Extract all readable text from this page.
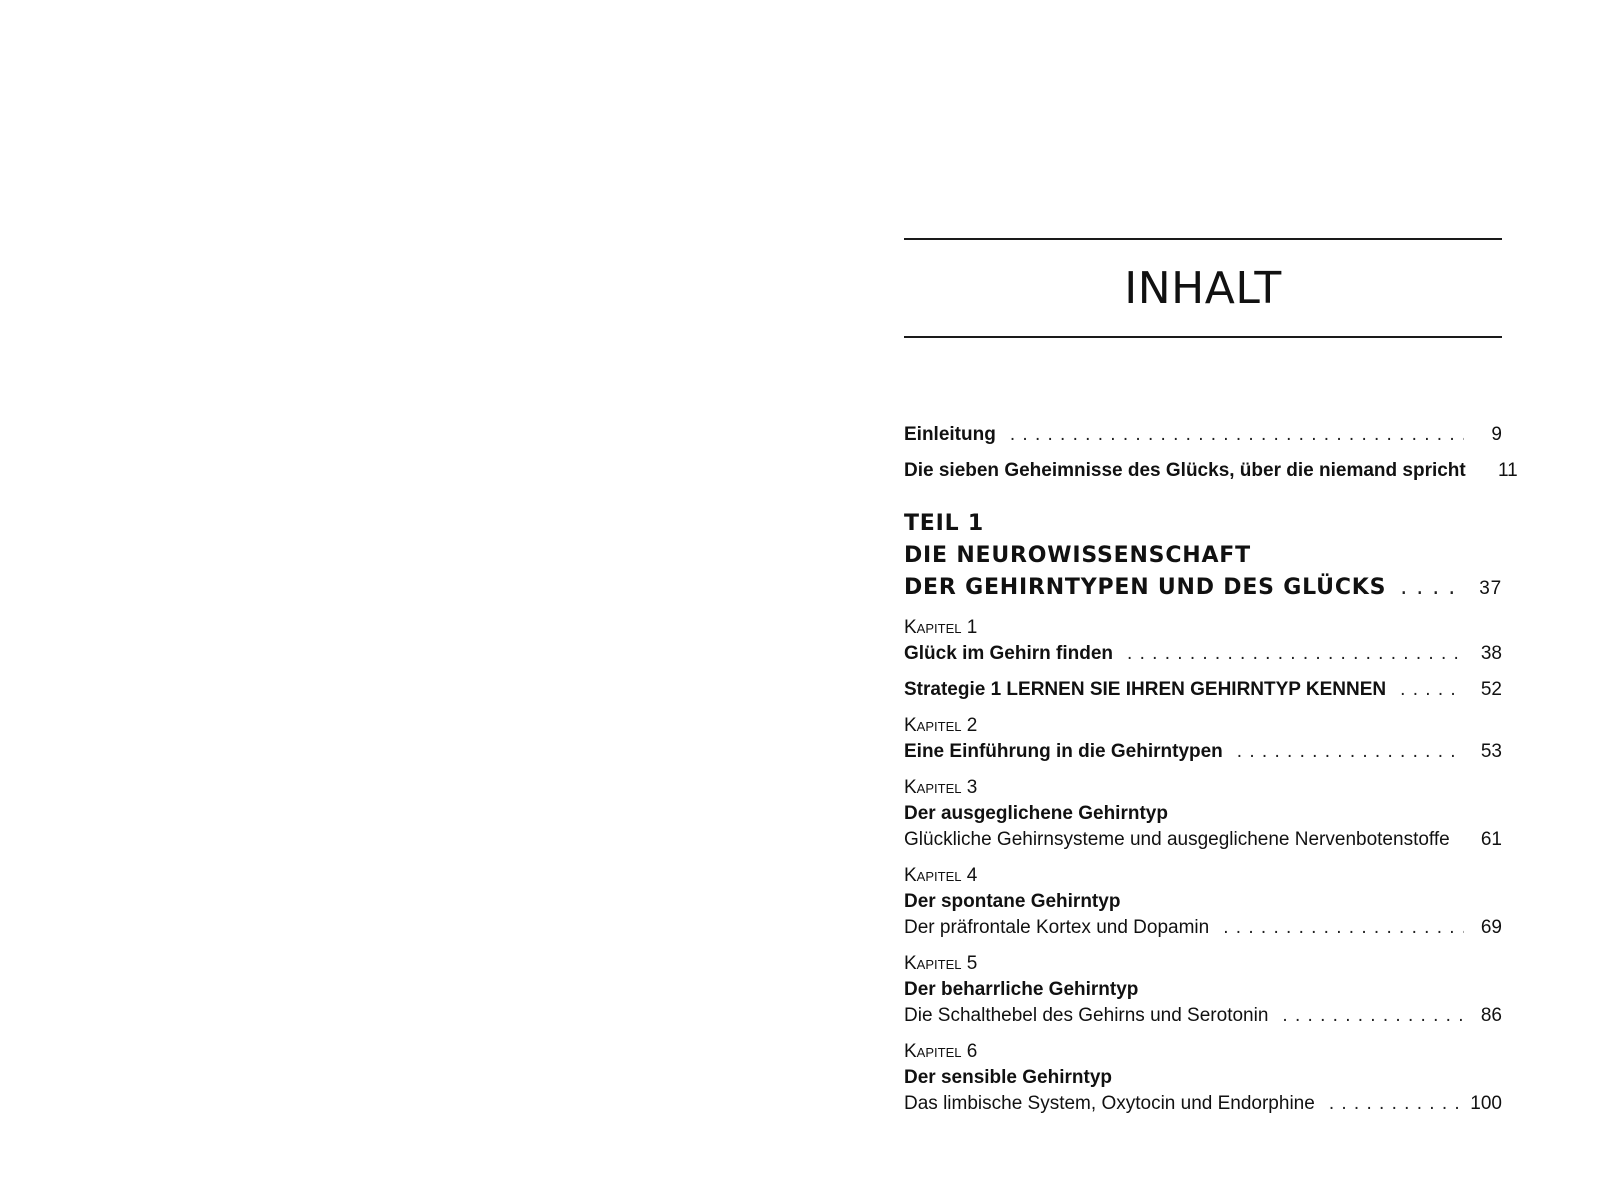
INHALT
Einleitung . . .	9
Die sieben Geheimnisse des Glücks, über die niemand spricht	11
TEIL 1
DIE NEUROWISSENSCHAFT
DER GEHIRNTYPEN UND DES GLÜCKS . . .	37
Kapitel 1
Glück im Gehirn finden . . .	38
Strategie 1 LERNEN SIE IHREN GEHIRNTYP KENNEN . . .	52
Kapitel 2
Eine Einführung in die Gehirntypen . . .	53
Kapitel 3
Der ausgeglichene Gehirntyp
Glückliche Gehirnsysteme und ausgeglichene Nervenbotenstoffe	61
Kapitel 4
Der spontane Gehirntyp
Der präfrontale Kortex und Dopamin . . .	69
Kapitel 5
Der beharrliche Gehirntyp
Die Schalthebel des Gehirns und Serotonin . . .	86
Kapitel 6
Der sensible Gehirntyp
Das limbische System, Oxytocin und Endorphine . . .	100
